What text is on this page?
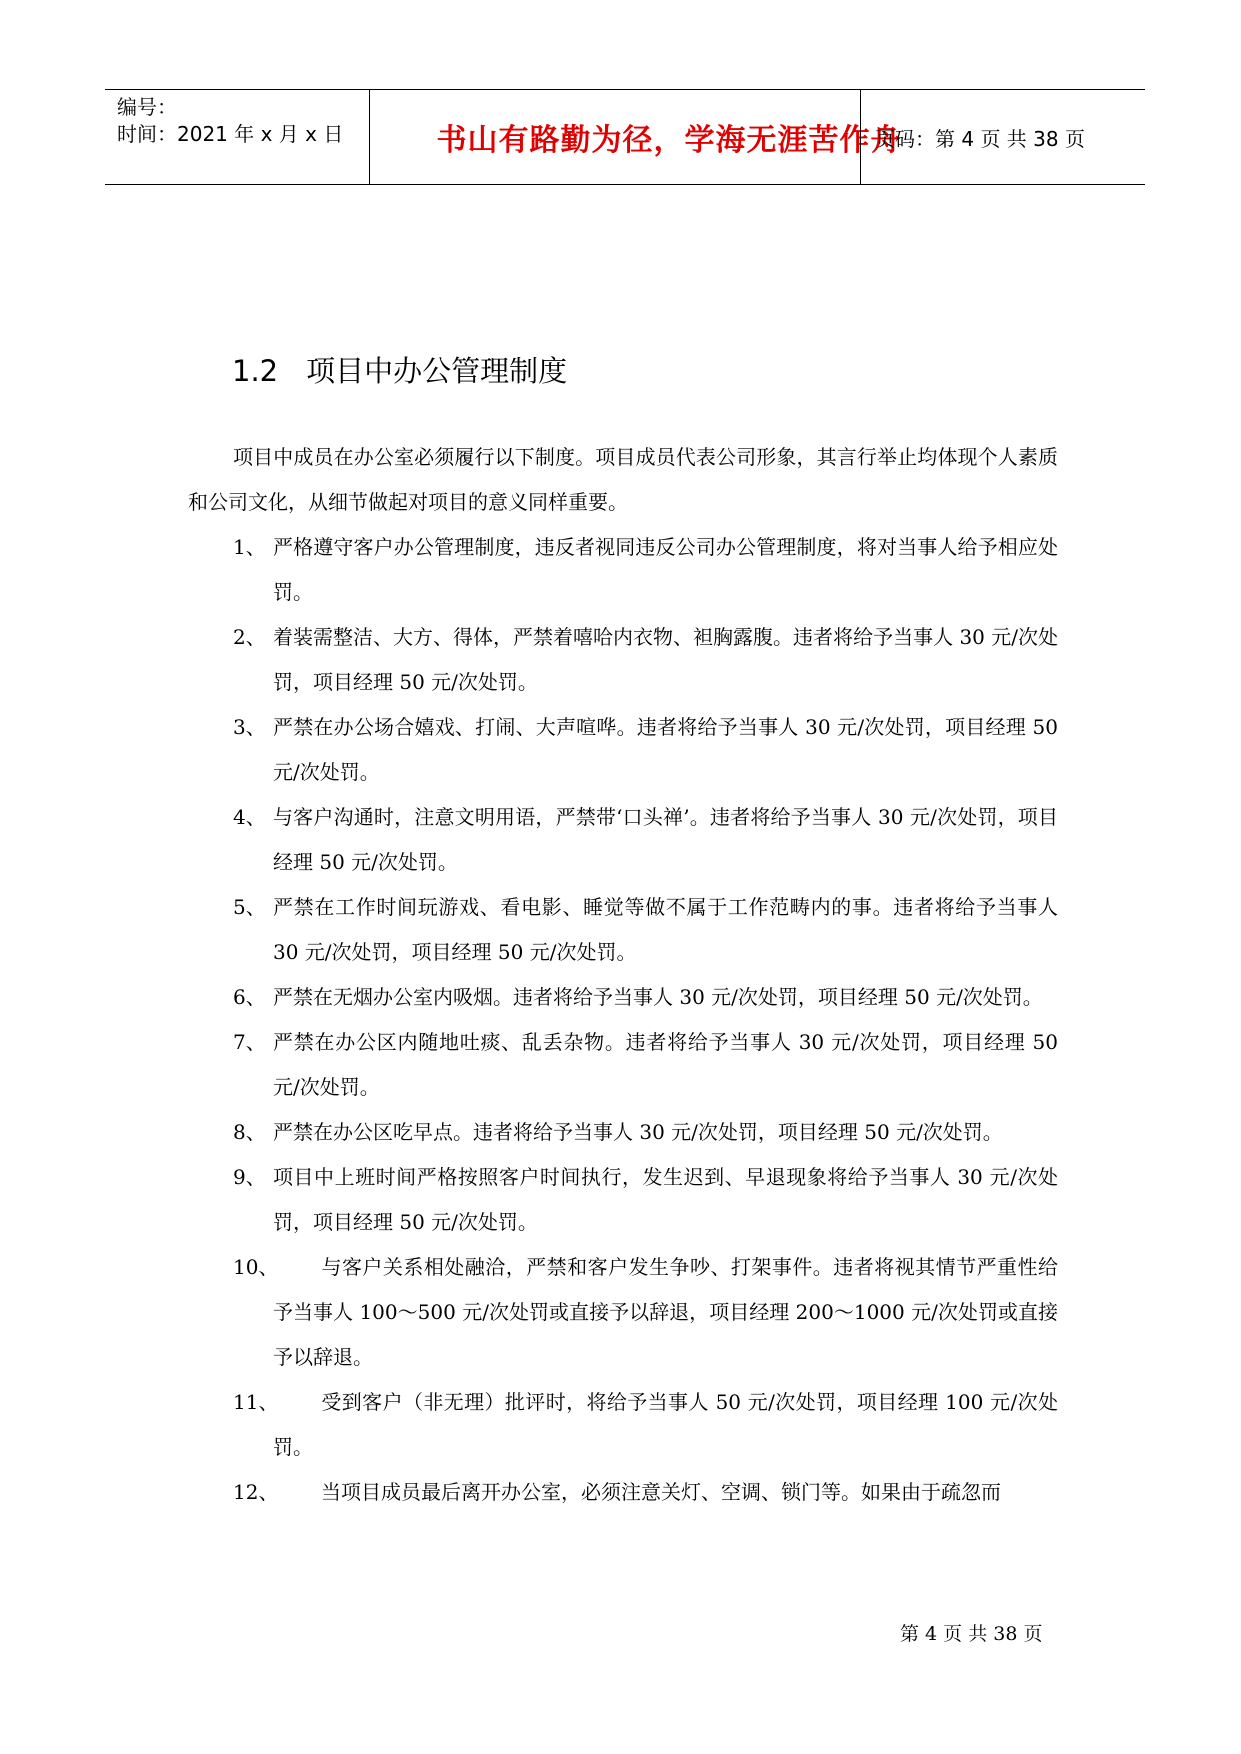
编号：
时间：2021 年 x 月 x 日	书山有路勤为径，学海无涯苦作舟
页码：第 4 页 共 38 页
1.2 项目中办公管理制度

项目中成员在办公室必须履行以下制度。项目成员代表公司形象，其言行举止均体现个人素质和公司文化，从细节做起对项目的意义同样重要。

1、 严格遵守客户办公管理制度，违反者视同违反公司办公管理制度，将对当事人给予相应处罚。
2、 着装需整洁、大方、得体，严禁着嘻哈内衣物、袒胸露腹。违者将给予当事人 30 元/次处罚，项目经理 50 元/次处罚。
3、 严禁在办公场合嬉戏、打闹、大声喧哗。违者将给予当事人 30 元/次处罚，项目经理 50 元/次处罚。
4、 与客户沟通时，注意文明用语，严禁带‘口头禅’。违者将给予当事人 30 元/次处罚，项目经理 50 元/次处罚。
5、 严禁在工作时间玩游戏、看电影、睡觉等做不属于工作范畴内的事。违者将给予当事人 30 元/次处罚，项目经理 50 元/次处罚。
6、 严禁在无烟办公室内吸烟。违者将给予当事人 30 元/次处罚，项目经理 50 元/次处罚。
7、 严禁在办公区内随地吐痰、乱丢杂物。违者将给予当事人 30 元/次处罚，项目经理 50 元/次处罚。
8、 严禁在办公区吃早点。违者将给予当事人 30 元/次处罚，项目经理 50 元/次处罚。
9、 项目中上班时间严格按照客户时间执行，发生迟到、早退现象将给予当事人 30 元/次处罚，项目经理 50 元/次处罚。
10、 与客户关系相处融洽，严禁和客户发生争吵、打架事件。违者将视其情节严重性给予当事人 100～500 元/次处罚或直接予以辞退，项目经理 200～1000 元/次处罚或直接予以辞退。
11、 受到客户（非无理）批评时，将给予当事人 50 元/次处罚，项目经理 100 元/次处罚。
12、 当项目成员最后离开办公室，必须注意关灯、空调、锁门等。如果由于疏忽而
第 4 页 共 38 页
